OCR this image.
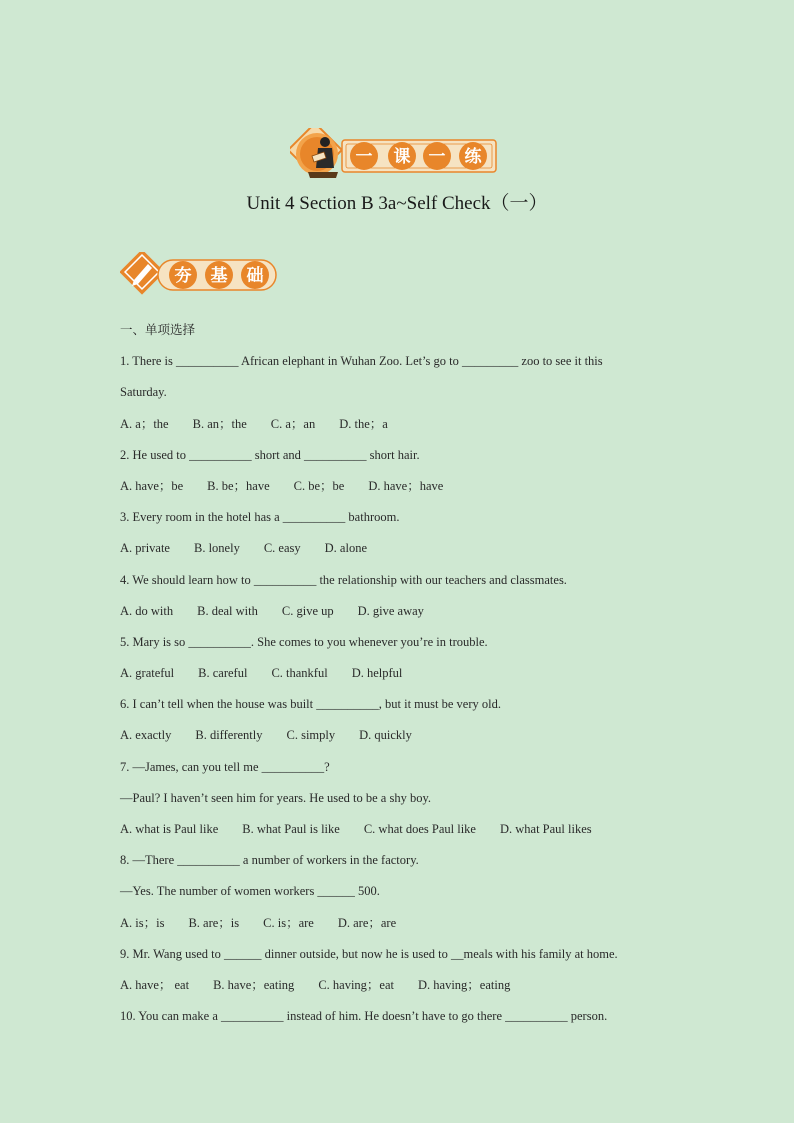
一 课 一 练
Unit 4 Section B 3a~Self Check（一）
夯 基 础
一、单项选择
1. There is __________ African elephant in Wuhan Zoo. Let’s go to _________ zoo to see it this
Saturday.
A. a；the B. an；the C. a；an D. the；a
2. He used to __________ short and __________ short hair.
A. have；be B. be；have C. be；be D. have；have
3. Every room in the hotel has a __________ bathroom.
A. private B. lonely C. easy D. alone
4. We should learn how to __________ the relationship with our teachers and classmates.
A. do with B. deal with C. give up D. give away
5. Mary is so __________. She comes to you whenever you’re in trouble.
A. grateful B. careful C. thankful D. helpful
6. I can’t tell when the house was built __________, but it must be very old.
A. exactly B. differently C. simply D. quickly
7. —James, can you tell me __________?
—Paul? I haven’t seen him for years. He used to be a shy boy.
A. what is Paul like B. what Paul is like C. what does Paul like D. what Paul likes
8. —There __________ a number of workers in the factory.
—Yes. The number of women workers ______ 500.
A. is；is B. are；is C. is；are D. are；are
9. Mr. Wang used to ______ dinner outside, but now he is used to __meals with his family at home.
A. have； eat B. have；eating C. having；eat D. having；eating
10. You can make a __________ instead of him. He doesn’t have to go there __________ person.
